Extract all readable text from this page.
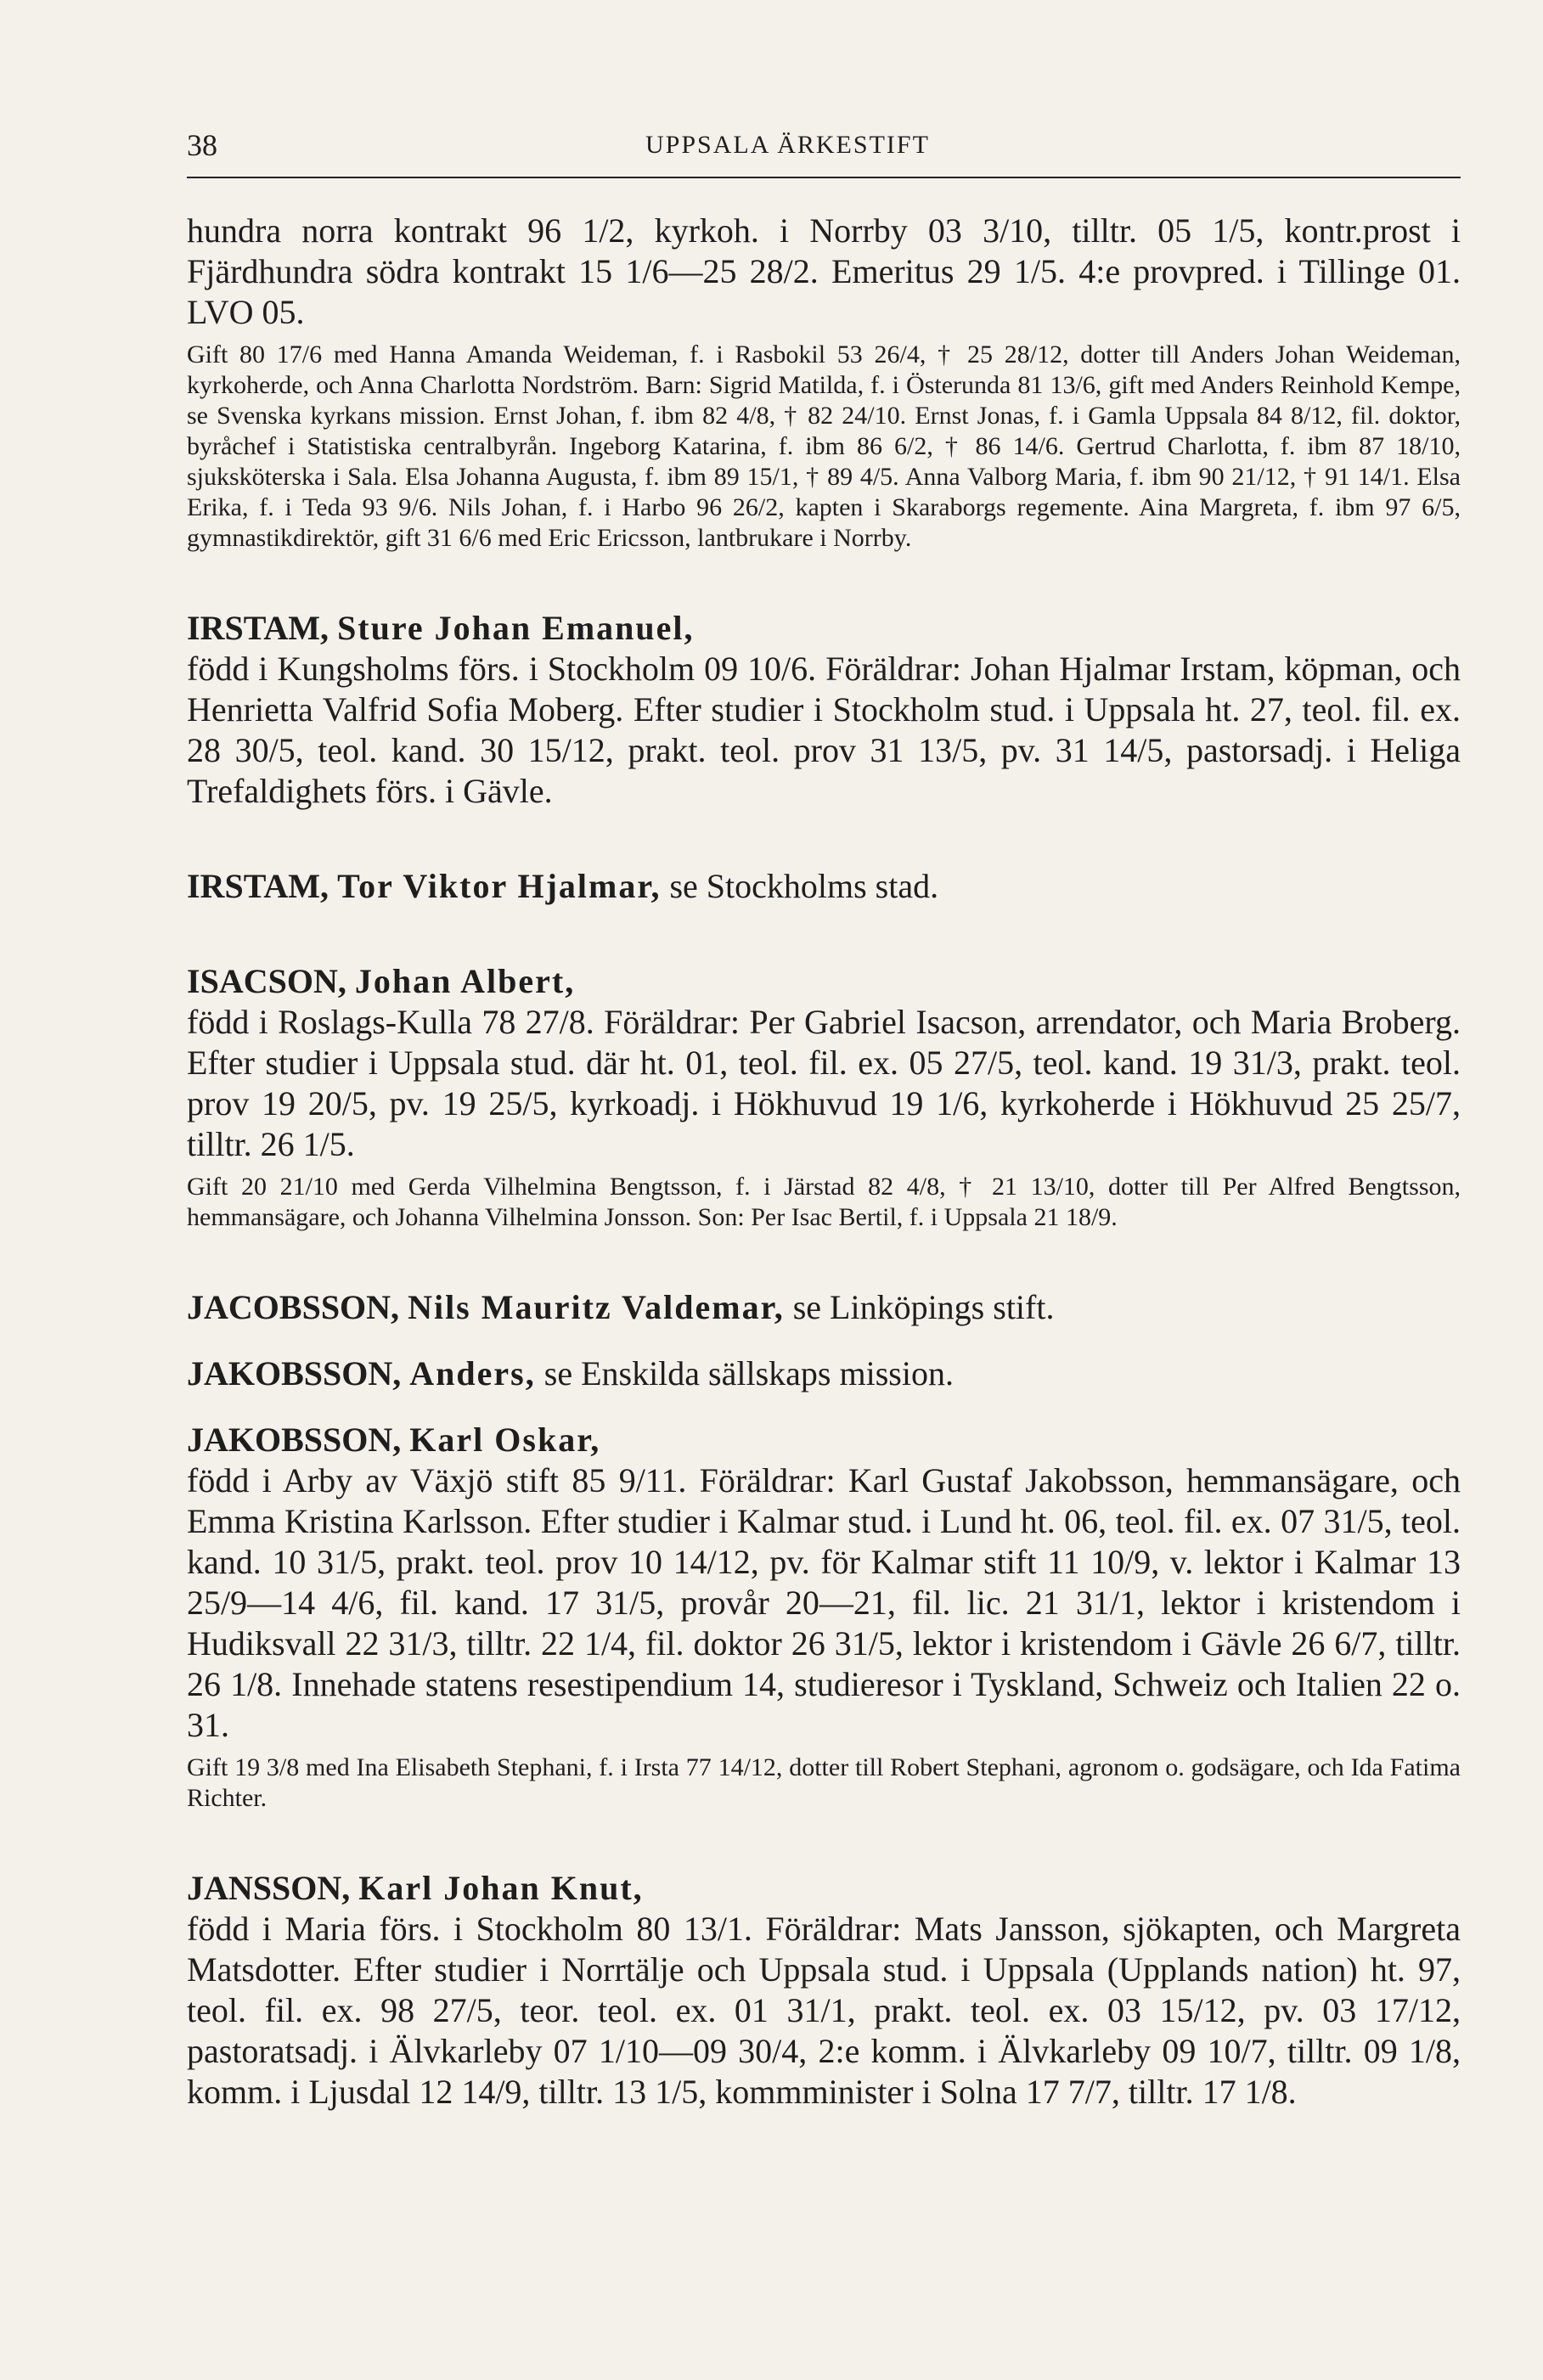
38	UPPSALA ÄRKESTIFT

hundra norra kontrakt 96 1/2, kyrkoh. i Norrby 03 3/10, tilltr. 05 1/5, kontr.prost i Fjärdhundra södra kontrakt 15 1/6—25 28/2. Emeritus 29 1/5. 4:e provpred. i Tillinge 01. LVO 05.

Gift 80 17/6 med Hanna Amanda Weideman, f. i Rasbokil 53 26/4, † 25 28/12, dotter till Anders Johan Weideman, kyrkoherde, och Anna Charlotta Nordström. Barn: Sigrid Matilda, f. i Österunda 81 13/6, gift med Anders Reinhold Kempe, se Svenska kyrkans mission. Ernst Johan, f. ibm 82 4/8, † 82 24/10. Ernst Jonas, f. i Gamla Uppsala 84 8/12, fil. doktor, byråchef i Statistiska centralbyrån. Ingeborg Katarina, f. ibm 86 6/2, † 86 14/6. Gertrud Charlotta, f. ibm 87 18/10, sjuksköterska i Sala. Elsa Johanna Augusta, f. ibm 89 15/1, † 89 4/5. Anna Valborg Maria, f. ibm 90 21/12, † 91 14/1. Elsa Erika, f. i Teda 93 9/6. Nils Johan, f. i Harbo 96 26/2, kapten i Skaraborgs regemente. Aina Margreta, f. ibm 97 6/5, gymnastikdirektör, gift 31 6/6 med Eric Ericsson, lantbrukare i Norrby.

IRSTAM, Sture Johan Emanuel,

född i Kungsholms förs. i Stockholm 09 10/6. Föräldrar: Johan Hjalmar Irstam, köpman, och Henrietta Valfrid Sofia Moberg. Efter studier i Stockholm stud. i Uppsala ht. 27, teol. fil. ex. 28 30/5, teol. kand. 30 15/12, prakt. teol. prov 31 13/5, pv. 31 14/5, pastorsadj. i Heliga Trefaldighets förs. i Gävle.

IRSTAM, Tor Viktor Hjalmar, se Stockholms stad.
ISACSON, Johan Albert,

född i Roslags-Kulla 78 27/8. Föräldrar: Per Gabriel Isacson, arrendator, och Maria Broberg. Efter studier i Uppsala stud. där ht. 01, teol. fil. ex. 05 27/5, teol. kand. 19 31/3, prakt. teol. prov 19 20/5, pv. 19 25/5, kyrkoadj. i Hökhuvud 19 1/6, kyrkoherde i Hökhuvud 25 25/7, tilltr. 26 1/5.

Gift 20 21/10 med Gerda Vilhelmina Bengtsson, f. i Järstad 82 4/8, † 21 13/10, dotter till Per Alfred Bengtsson, hemmansägare, och Johanna Vilhelmina Jonsson. Son: Per Isac Bertil, f. i Uppsala 21 18/9.

JACOBSSON, Nils Mauritz Valdemar, se Linköpings stift.
JAKOBSSON, Anders, se Enskilda sällskaps mission.
JAKOBSSON, Karl Oskar,

född i Arby av Växjö stift 85 9/11. Föräldrar: Karl Gustaf Jakobsson, hemmansägare, och Emma Kristina Karlsson. Efter studier i Kalmar stud. i Lund ht. 06, teol. fil. ex. 07 31/5, teol. kand. 10 31/5, prakt. teol. prov 10 14/12, pv. för Kalmar stift 11 10/9, v. lektor i Kalmar 13 25/9—14 4/6, fil. kand. 17 31/5, provår 20—21, fil. lic. 21 31/1, lektor i kristendom i Hudiksvall 22 31/3, tilltr. 22 1/4, fil. doktor 26 31/5, lektor i kristendom i Gävle 26 6/7, tilltr. 26 1/8. Innehade statens resestipendium 14, studieresor i Tyskland, Schweiz och Italien 22 o. 31.

Gift 19 3/8 med Ina Elisabeth Stephani, f. i Irsta 77 14/12, dotter till Robert Stephani, agronom o. godsägare, och Ida Fatima Richter.

JANSSON, Karl Johan Knut,

född i Maria förs. i Stockholm 80 13/1. Föräldrar: Mats Jansson, sjökapten, och Margreta Matsdotter. Efter studier i Norrtälje och Uppsala stud. i Uppsala (Upplands nation) ht. 97, teol. fil. ex. 98 27/5, teor. teol. ex. 01 31/1, prakt. teol. ex. 03 15/12, pv. 03 17/12, pastoratsadj. i Älvkarleby 07 1/10—09 30/4, 2:e komm. i Älvkarleby 09 10/7, tilltr. 09 1/8, komm. i Ljusdal 12 14/9, tilltr. 13 1/5, kommminister i Solna 17 7/7, tilltr. 17 1/8.
